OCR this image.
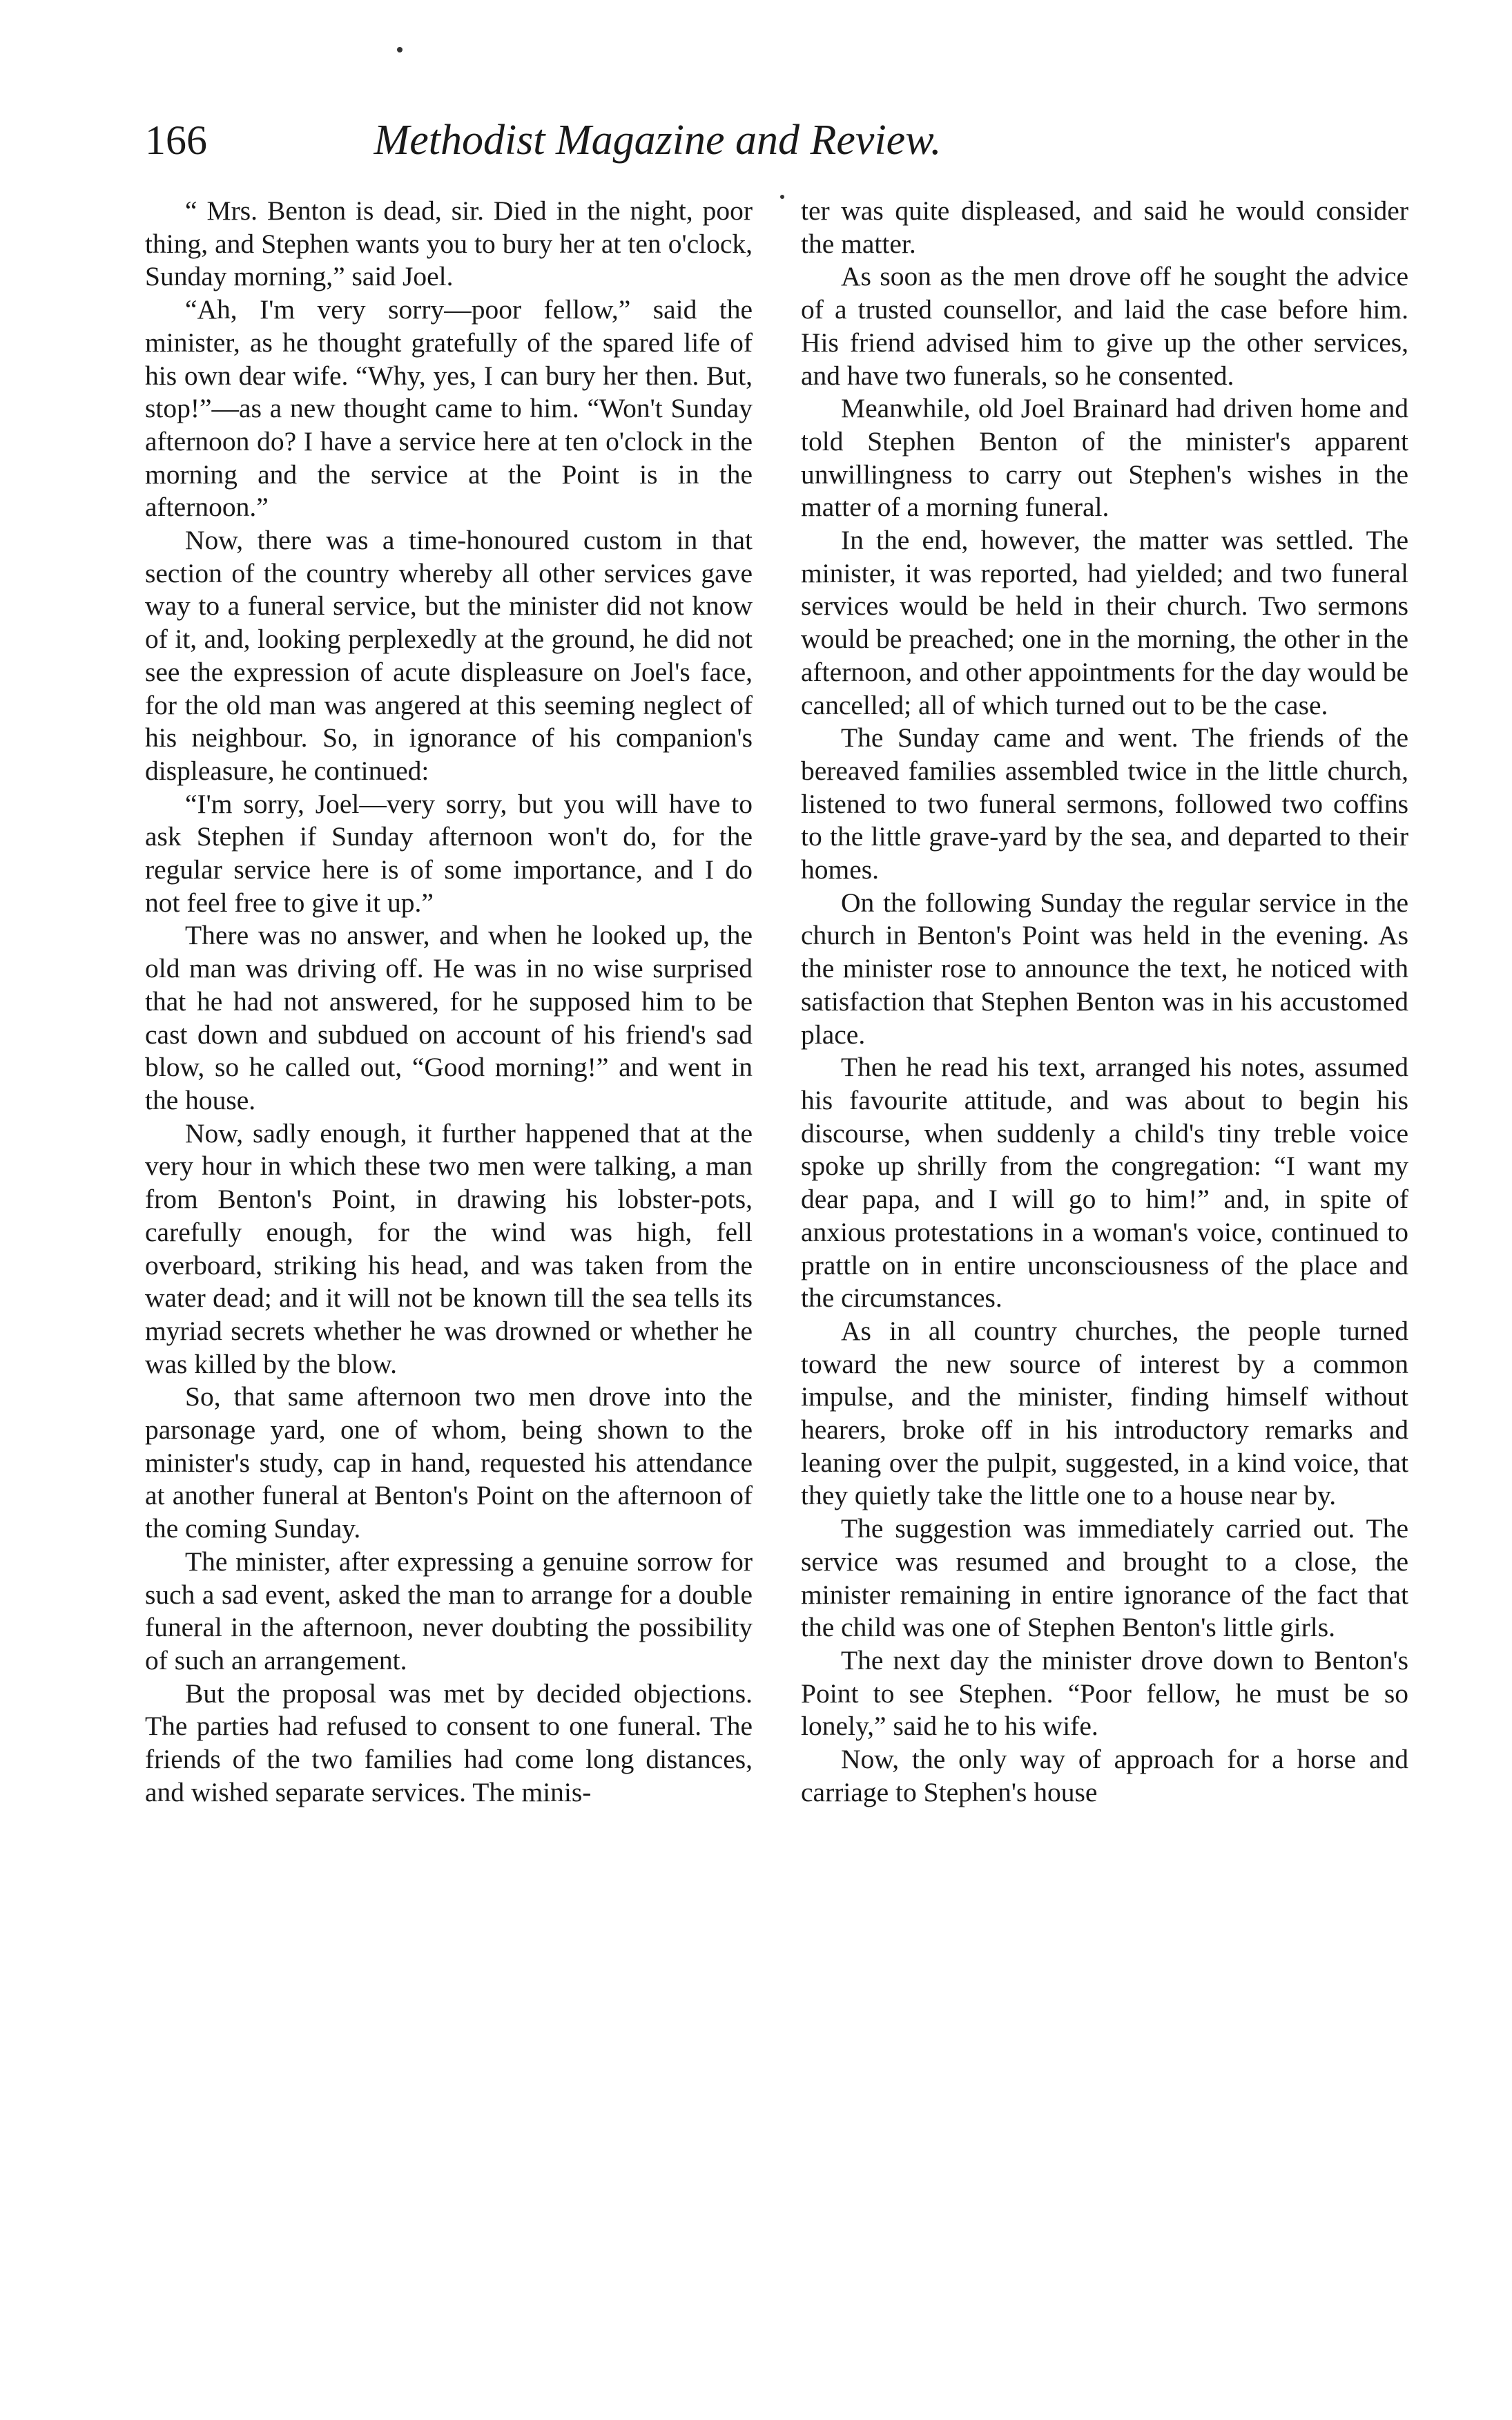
166	Methodist Magazine and Review.

“ Mrs. Benton is dead, sir. Died in the night, poor thing, and Stephen wants you to bury her at ten o'clock, Sunday morning,” said Joel.

“Ah, I'm very sorry—poor fellow,” said the minister, as he thought gratefully of the spared life of his own dear wife. “Why, yes, I can bury her then. But, stop!”—as a new thought came to him. “Won't Sunday afternoon do? I have a service here at ten o'clock in the morning and the service at the Point is in the afternoon.”

Now, there was a time-honoured custom in that section of the country whereby all other services gave way to a funeral service, but the minister did not know of it, and, looking perplexedly at the ground, he did not see the expression of acute displeasure on Joel's face, for the old man was angered at this seeming neglect of his neighbour. So, in ignorance of his companion's displeasure, he continued:

“I'm sorry, Joel—very sorry, but you will have to ask Stephen if Sunday afternoon won't do, for the regular service here is of some importance, and I do not feel free to give it up.”

There was no answer, and when he looked up, the old man was driving off. He was in no wise surprised that he had not answered, for he supposed him to be cast down and subdued on account of his friend's sad blow, so he called out, “Good morning!” and went in the house.

Now, sadly enough, it further happened that at the very hour in which these two men were talking, a man from Benton's Point, in drawing his lobster-pots, carefully enough, for the wind was high, fell overboard, striking his head, and was taken from the water dead; and it will not be known till the sea tells its myriad secrets whether he was drowned or whether he was killed by the blow.

So, that same afternoon two men drove into the parsonage yard, one of whom, being shown to the minister's study, cap in hand, requested his attendance at another funeral at Benton's Point on the afternoon of the coming Sunday.

The minister, after expressing a genuine sorrow for such a sad event, asked the man to arrange for a double funeral in the afternoon, never doubting the possibility of such an arrangement.

But the proposal was met by decided objections. The parties had refused to consent to one funeral. The friends of the two families had come long distances, and wished separate services. The minis-

ter was quite displeased, and said he would consider the matter.

As soon as the men drove off he sought the advice of a trusted counsellor, and laid the case before him. His friend advised him to give up the other services, and have two funerals, so he consented.

Meanwhile, old Joel Brainard had driven home and told Stephen Benton of the minister's apparent unwillingness to carry out Stephen's wishes in the matter of a morning funeral.

In the end, however, the matter was settled. The minister, it was reported, had yielded; and two funeral services would be held in their church. Two sermons would be preached; one in the morning, the other in the afternoon, and other appointments for the day would be cancelled; all of which turned out to be the case.

The Sunday came and went. The friends of the bereaved families assembled twice in the little church, listened to two funeral sermons, followed two coffins to the little grave-yard by the sea, and departed to their homes.

On the following Sunday the regular service in the church in Benton's Point was held in the evening. As the minister rose to announce the text, he noticed with satisfaction that Stephen Benton was in his accustomed place.

Then he read his text, arranged his notes, assumed his favourite attitude, and was about to begin his discourse, when suddenly a child's tiny treble voice spoke up shrilly from the congregation: “I want my dear papa, and I will go to him!” and, in spite of anxious protestations in a woman's voice, continued to prattle on in entire unconsciousness of the place and the circumstances.

As in all country churches, the people turned toward the new source of interest by a common impulse, and the minister, finding himself without hearers, broke off in his introductory remarks and leaning over the pulpit, suggested, in a kind voice, that they quietly take the little one to a house near by.

The suggestion was immediately carried out. The service was resumed and brought to a close, the minister remaining in entire ignorance of the fact that the child was one of Stephen Benton's little girls.

The next day the minister drove down to Benton's Point to see Stephen. “Poor fellow, he must be so lonely,” said he to his wife.

Now, the only way of approach for a horse and carriage to Stephen's house
